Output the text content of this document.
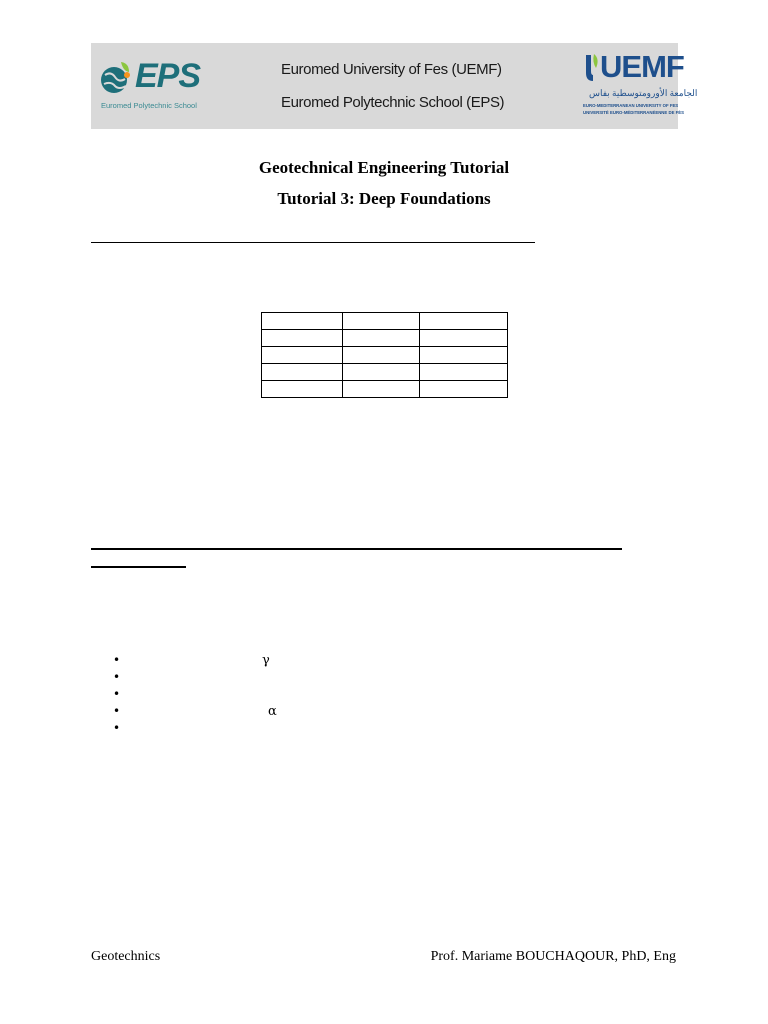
EPS
Euromed Polytechnic School
Euromed University of Fes (UEMF)
Euromed Polytechnic School (EPS)
UEMF
الجامعة الأورومتوسطية بفاس
EURO-MEDITERRANEAN UNIVERSITY OF FES
UNIVERSITÉ EURO-MÉDITERRANÉENNE DE FÈS
Geotechnical Engineering Tutorial
Tutorial 3: Deep Foundations

•	γ
•
•
•	α
•
Geotechnics	Prof. Mariame BOUCHAQOUR, PhD, Eng
